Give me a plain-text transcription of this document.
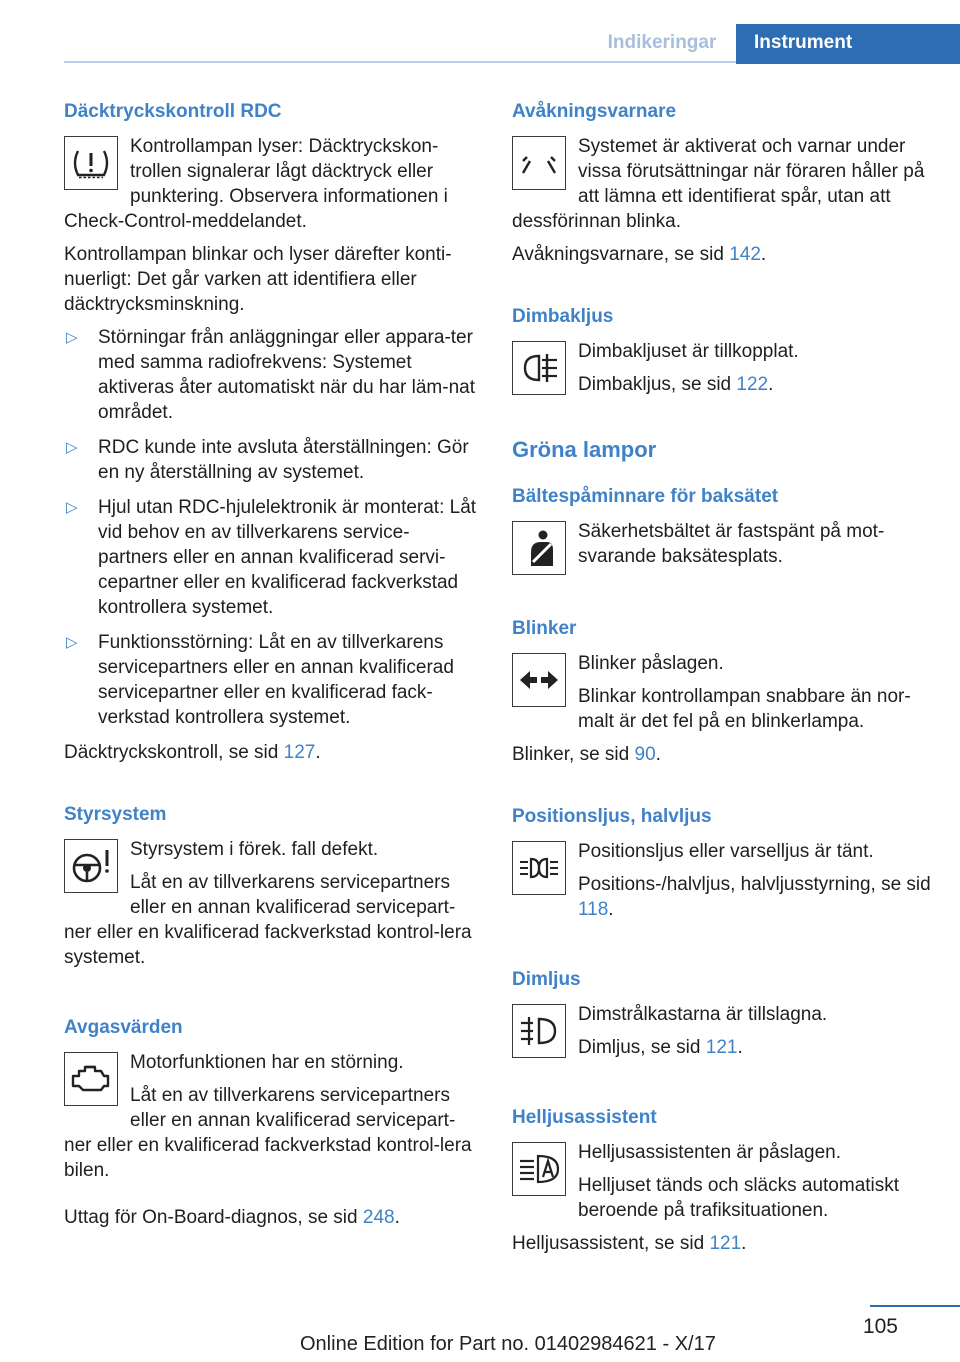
Indikeringar	Instrument
Däcktryckskontroll RDC

Kontrollampan lyser: Däcktryckskon-trollen signalerar lågt däcktryck eller punktering. Observera informationen i Check-Control-meddelandet.

Kontrollampan blinkar och lyser därefter konti-nuerligt: Det går varken att identifiera eller däcktrycksminskning.

▷ Störningar från anläggningar eller appara-ter med samma radiofrekvens: Systemet aktiveras åter automatiskt när du har läm-nat området.
▷ RDC kunde inte avsluta återställningen: Gör en ny återställning av systemet.
▷ Hjul utan RDC-hjulelektronik är monterat: Låt vid behov en av tillverkarens service-partners eller en annan kvalificerad servi-cepartner eller en kvalificerad fackverkstad kontrollera systemet.
▷ Funktionsstörning: Låt en av tillverkarens servicepartners eller en annan kvalificerad servicepartner eller en kvalificerad fack-verkstad kontrollera systemet.

Däcktryckskontroll, se sid 127.

Styrsystem

Styrsystem i förek. fall defekt.

Låt en av tillverkarens servicepartners eller en annan kvalificerad servicepart-ner eller en kvalificerad fackverkstad kontrol-lera systemet.

Avgasvärden

Motorfunktionen har en störning.

Låt en av tillverkarens servicepartners eller en annan kvalificerad servicepart-ner eller en kvalificerad fackverkstad kontrol-lera bilen.

Uttag för On-Board-diagnos, se sid 248.

Avåkningsvarnare

Systemet är aktiverat och varnar under vissa förutsättningar när föraren håller på att lämna ett identifierat spår, utan att dessförinnan blinka.

Avåkningsvarnare, se sid 142.

Dimbakljus

Dimbakljuset är tillkopplat.

Dimbakljus, se sid 122.

Gröna lampor
Bältespåminnare för baksätet

Säkerhetsbältet är fastspänt på mot-svarande baksätesplats.

Blinker

Blinker påslagen.

Blinkar kontrollampan snabbare än nor-malt är det fel på en blinkerlampa.

Blinker, se sid 90.

Positionsljus, halvljus

Positionsljus eller varselljus är tänt.

Positions-/halvljus, halvljusstyrning, se sid 118.

Dimljus

Dimstrålkastarna är tillslagna.

Dimljus, se sid 121.

Helljusassistent

Helljusassistenten är påslagen.

Helljuset tänds och släcks automatiskt beroende på trafiksituationen.

Helljusassistent, se sid 121.

105
Online Edition for Part no. 01402984621 - X/17
